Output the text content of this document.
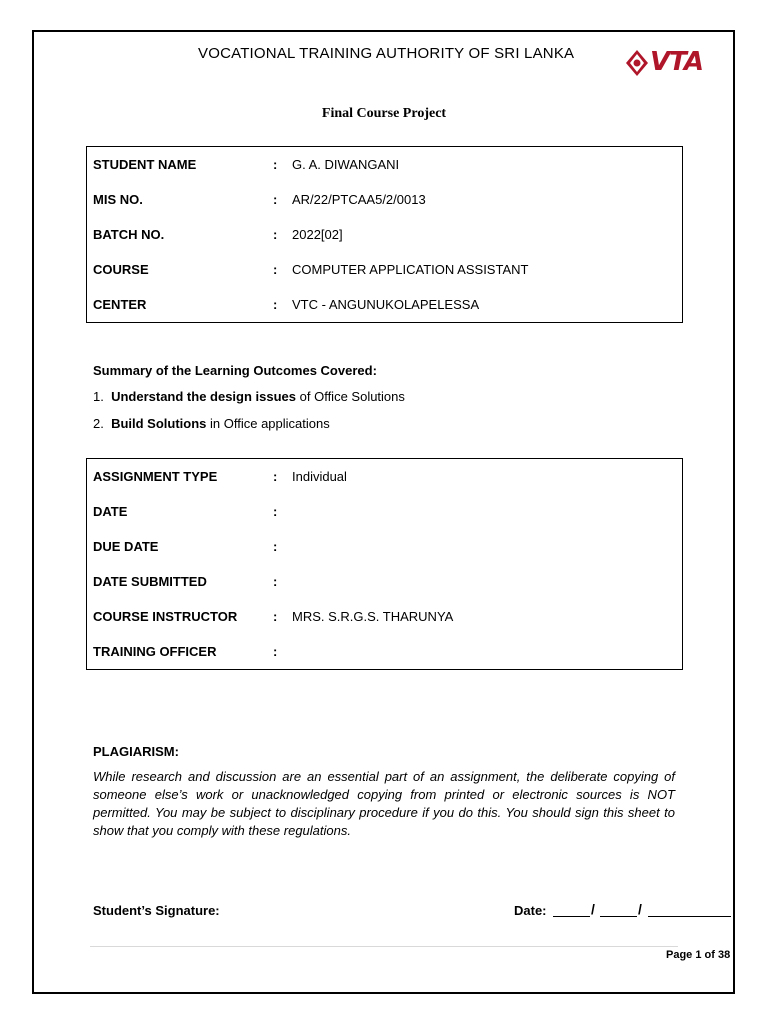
VOCATIONAL TRAINING AUTHORITY OF SRI LANKA	VTA
Final Course Project
STUDENT NAME	: G. A. DIWANGANI
MIS NO.	: AR/22/PTCAA5/2/0013
BATCH NO.	: 2022[02]
COURSE	: COMPUTER APPLICATION ASSISTANT
CENTER	: VTC - ANGUNUKOLAPELESSA
Summary of the Learning Outcomes Covered:
1. Understand the design issues of Office Solutions
2. Build Solutions in Office applications
ASSIGNMENT TYPE	: Individual
DATE	:
DUE DATE	:
DATE SUBMITTED	:
COURSE INSTRUCTOR	: MRS. S.R.G.S. THARUNYA
TRAINING OFFICER	:
PLAGIARISM:
While research and discussion are an essential part of an assignment, the deliberate copying of someone else’s work or unacknowledged copying from printed or electronic sources is NOT permitted. You may be subject to disciplinary procedure if you do this. You should sign this sheet to show that you comply with these regulations.
Student’s Signature:	Date:	/	/
Page 1 of 38
